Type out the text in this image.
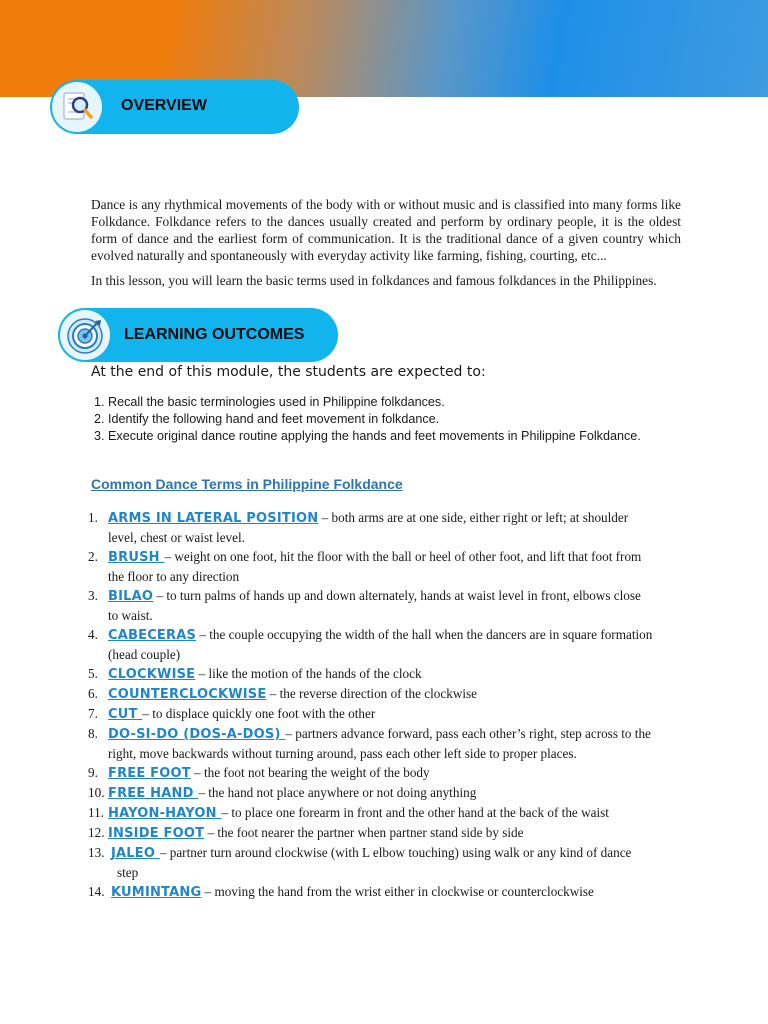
OVERVIEW

Dance is any rhythmical movements of the body with or without music and is classified into many forms like Folkdance. Folkdance refers to the dances usually created and perform by ordinary people, it is the oldest form of dance and the earliest form of communication. It is the traditional dance of a given country which evolved naturally and spontaneously with everyday activity like farming, fishing, courting, etc...

In this lesson, you will learn the basic terms used in folkdances and famous folkdances in the Philippines.

LEARNING OUTCOMES

At the end of this module, the students are expected to:

1. Recall the basic terminologies used in Philippine folkdances.
2. Identify the following hand and feet movement in folkdance.
3. Execute original dance routine applying the hands and feet movements in Philippine Folkdance.
Common Dance Terms in Philippine Folkdance
1. ARMS IN LATERAL POSITION – both arms are at one side, either right or left; at shoulder
level, chest or waist level.
2. BRUSH – weight on one foot, hit the floor with the ball or heel of other foot, and lift that foot from
the floor to any direction
3. BILAO – to turn palms of hands up and down alternately, hands at waist level in front, elbows close
to waist.
4. CABECERAS – the couple occupying the width of the hall when the dancers are in square formation
(head couple)
5. CLOCKWISE – like the motion of the hands of the clock
6. COUNTERCLOCKWISE – the reverse direction of the clockwise
7. CUT – to displace quickly one foot with the other
8. DO-SI-DO (DOS-A-DOS) – partners advance forward, pass each other’s right, step across to the
right, move backwards without turning around, pass each other left side to proper places.
9. FREE FOOT – the foot not bearing the weight of the body
10. FREE HAND – the hand not place anywhere or not doing anything
11. HAYON-HAYON – to place one forearm in front and the other hand at the back of the waist
12. INSIDE FOOT – the foot nearer the partner when partner stand side by side
13. JALEO – partner turn around clockwise (with L elbow touching) using walk or any kind of dance
step
14. KUMINTANG – moving the hand from the wrist either in clockwise or counterclockwise
